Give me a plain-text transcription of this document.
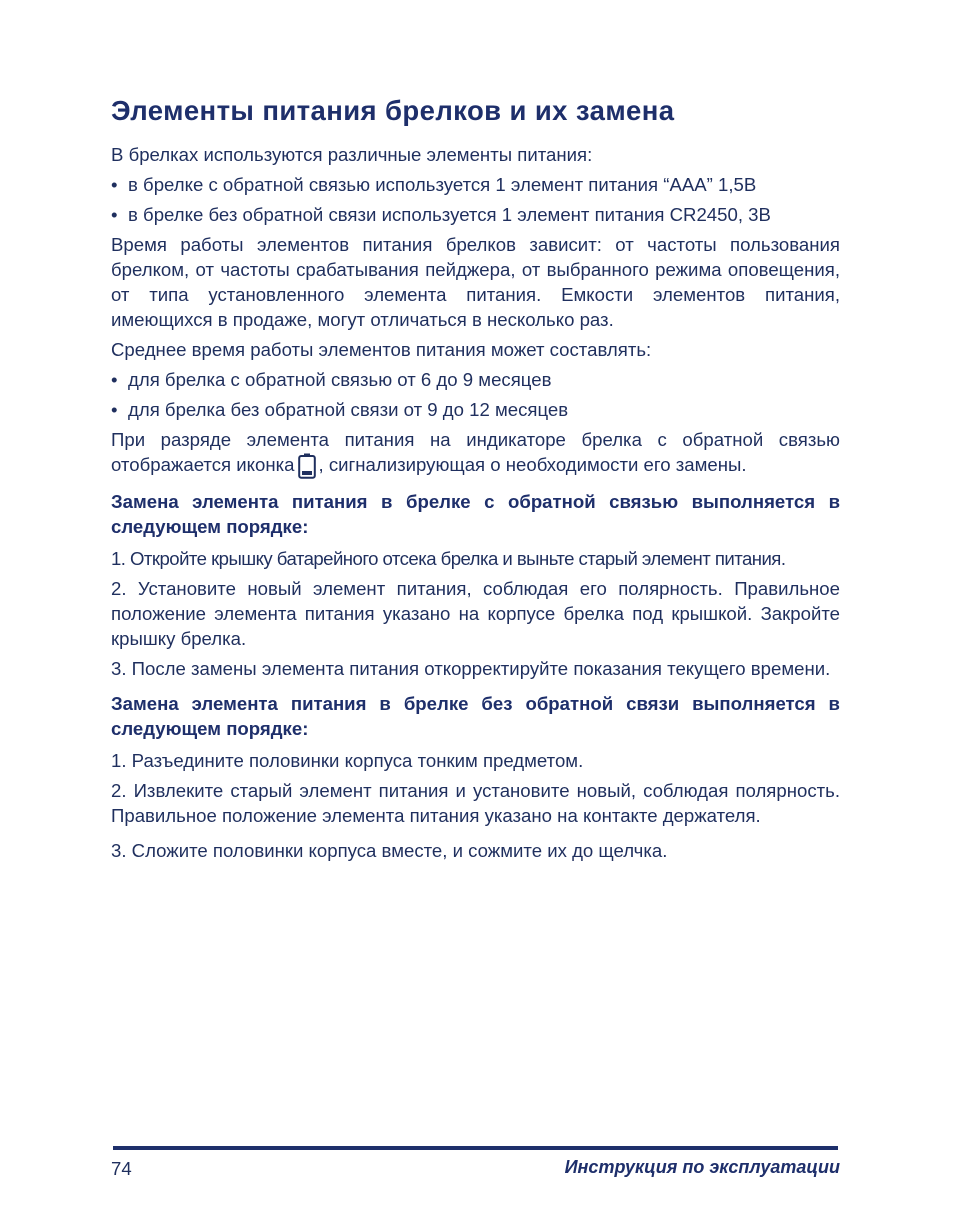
Элементы питания брелков и их замена

В брелках используются различные элементы питания:

• в брелке с обратной связью используется 1 элемент питания “AAA” 1,5В
• в брелке без обратной связи используется 1 элемент питания CR2450, 3В

Время работы элементов питания брелков зависит: от частоты пользования брелком, от частоты срабатывания пейджера, от выбранного режима оповещения, от типа установленного элемента питания. Емкости элементов питания, имеющихся в продаже, могут отличаться в несколько раз.

Среднее время работы элементов питания может составлять:

• для брелка с обратной связью от 6 до 9 месяцев
• для брелка без обратной связи от 9 до 12 месяцев

При разряде элемента питания на индикаторе брелка с обратной связью отображается иконка , сигнализирующая о необходимости его замены.

Замена элемента питания в брелке с обратной связью выполняется в следующем порядке:

1. Откройте крышку батарейного отсека брелка и выньте старый элемент питания.

2. Установите новый элемент питания, соблюдая его полярность. Правильное положение элемента питания указано на корпусе брелка под крышкой. Закройте крышку брелка.

3. После замены элемента питания откорректируйте показания текущего времени.

Замена элемента питания в брелке без обратной связи выполняется в следующем порядке:

1. Разъедините половинки корпуса тонким предметом.

2. Извлеките старый элемент питания и установите новый, соблюдая полярность. Правильное положение элемента питания указано на контакте держателя.

3. Сложите половинки корпуса вместе, и сожмите их до щелчка.

74	Инструкция по эксплуатации
